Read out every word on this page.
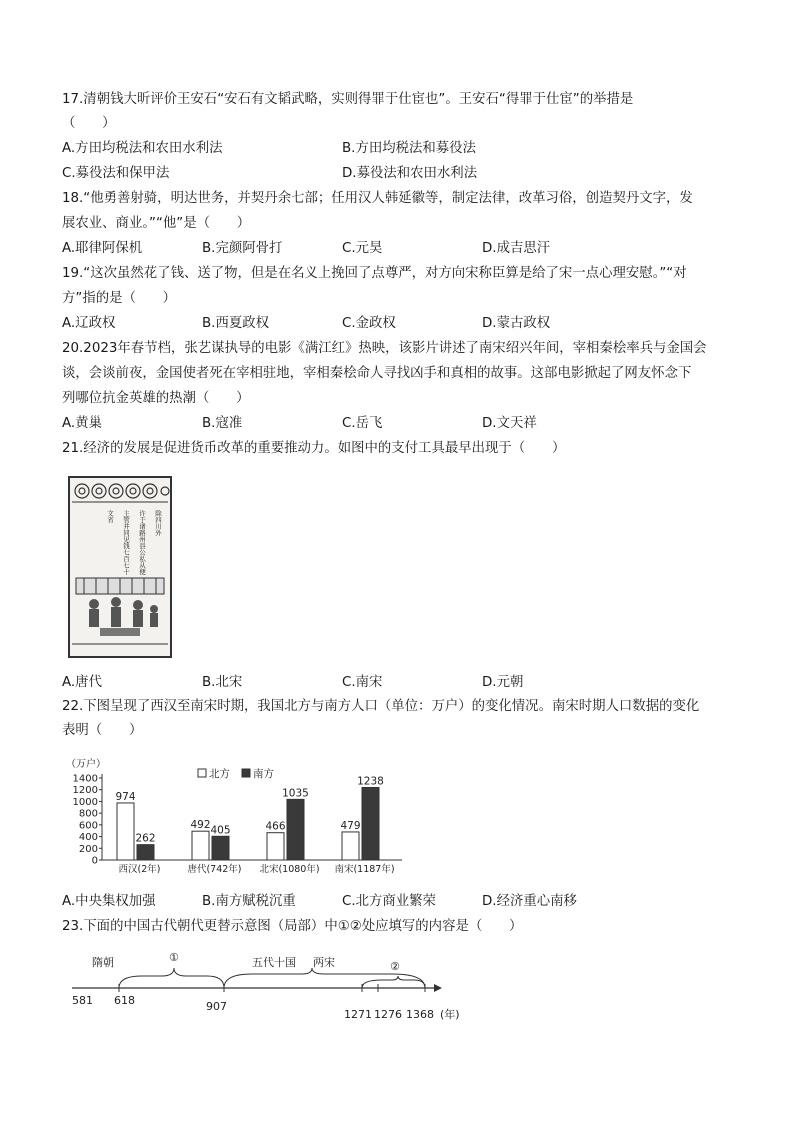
17.清朝钱大昕评价王安石“安石有文韬武略，实则得罪于仕宦也”。王安石“得罪于仕宦”的举措是
（　　）
A.方田均税法和农田水利法	B.方田均税法和募役法
C.募役法和保甲法	D.募役法和农田水利法
18.“他勇善射骑，明达世务，并契丹余七部；任用汉人韩延徽等，制定法律，改革习俗，创造契丹文字，发
展农业、商业。”“他”是（　　）
A.耶律阿保机	B.完颜阿骨打	C.元昊	D.成吉思汗
19.“这次虽然花了钱、送了物，但是在名义上挽回了点尊严，对方向宋称臣算是给了宋一点心理安慰。”“对
方”指的是（　　）
A.辽政权	B.西夏政权	C.金政权	D.蒙古政权
20.2023年春节档，张艺谋执导的电影《满江红》热映，该影片讲述了南宋绍兴年间，宰相秦桧率兵与金国会
谈，会谈前夜，金国使者死在宰相驻地，宰相秦桧命人寻找凶手和真相的故事。这部电影掀起了网友怀念下
列哪位抗金英雄的热潮（　　）
A.黄巢	B.寇准	C.岳飞	D.文天祥
21.经济的发展是促进货币改革的重要推动力。如图中的支付工具最早出现于（　　）
除四川外
许于诸路州县公私从便
主管并同见钱七百七十
文省
A.唐代	B.北宋	C.南宋	D.元朝
22.下图呈现了西汉至南宋时期，我国北方与南方人口（单位：万户）的变化情况。南宋时期人口数据的变化
表明（　　）
（万户）
北方 南方
0
200
400
600
800
1000
1200
1400
974
262
492 405	466
1035
479
1238
西汉(2年)	唐代(742年) 北宋(1080年) 南宋(1187年)
A.中央集权加强	B.南方赋税沉重	C.北方商业繁荣	D.经济重心南移
23.下面的中国古代朝代更替示意图（局部）中①②处应填写的内容是（　　）
隋朝	①	五代十国 两宋	②
581 618	907
1271 1276 1368 (年)
